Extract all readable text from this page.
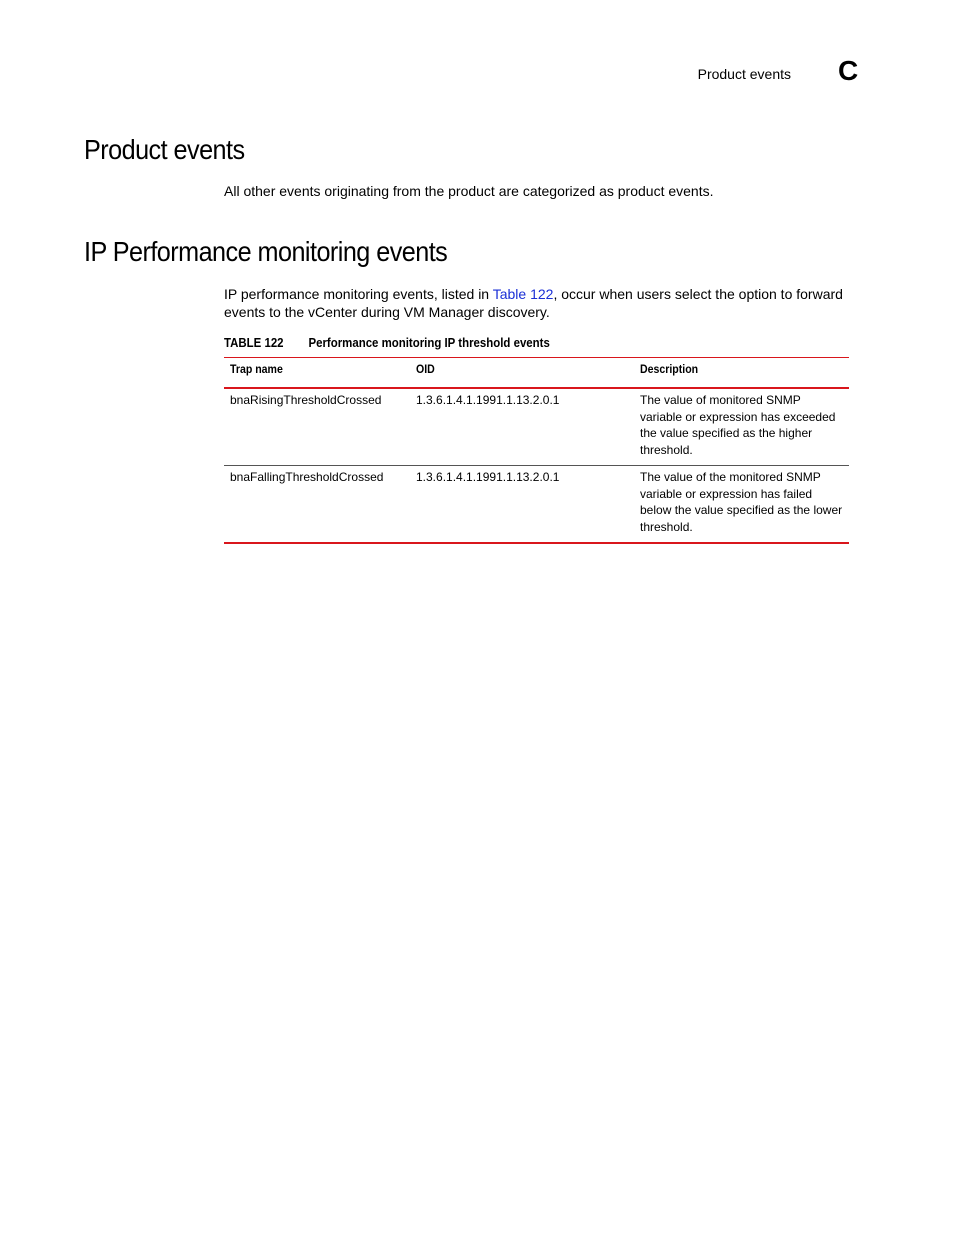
Product events C
Product events

All other events originating from the product are categorized as product events.

IP Performance monitoring events

IP performance monitoring events, listed in Table 122, occur when users select the option to forward events to the vCenter during VM Manager discovery.

TABLE 122 Performance monitoring IP threshold events
Trap name	OID	Description
bnaRisingThresholdCrossed	1.3.6.1.4.1.1991.1.13.2.0.1	The value of monitored SNMP variable or expression has exceeded the value specified as the higher threshold.
bnaFallingThresholdCrossed	1.3.6.1.4.1.1991.1.13.2.0.1	The value of the monitored SNMP variable or expression has failed below the value specified as the lower threshold.
